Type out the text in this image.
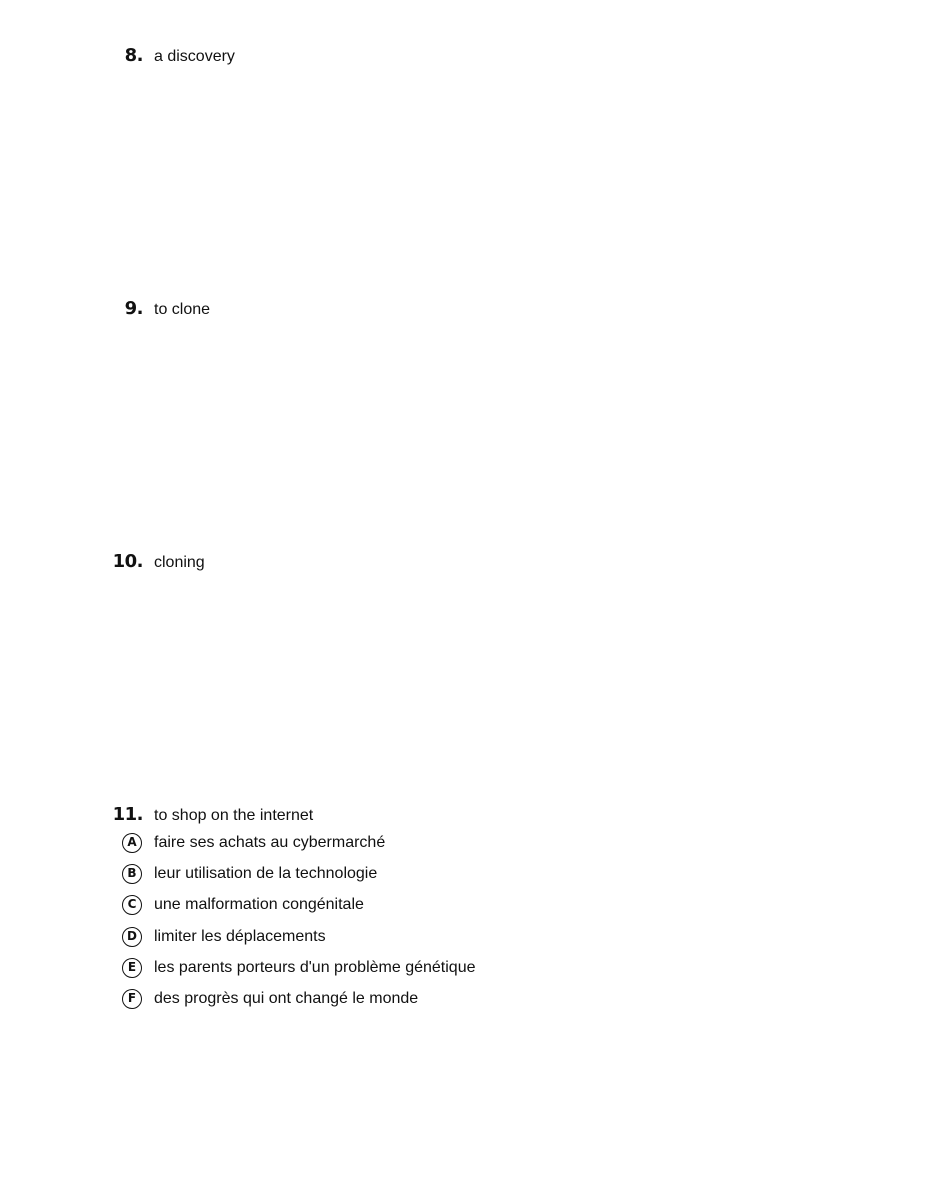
8. a discovery
9. to clone
10. cloning
11. to shop on the internet
A	faire ses achats au cybermarché
B	leur utilisation de la technologie
C	une malformation congénitale
D	limiter les déplacements
E	les parents porteurs d'un problème génétique
F	des progrès qui ont changé le monde
